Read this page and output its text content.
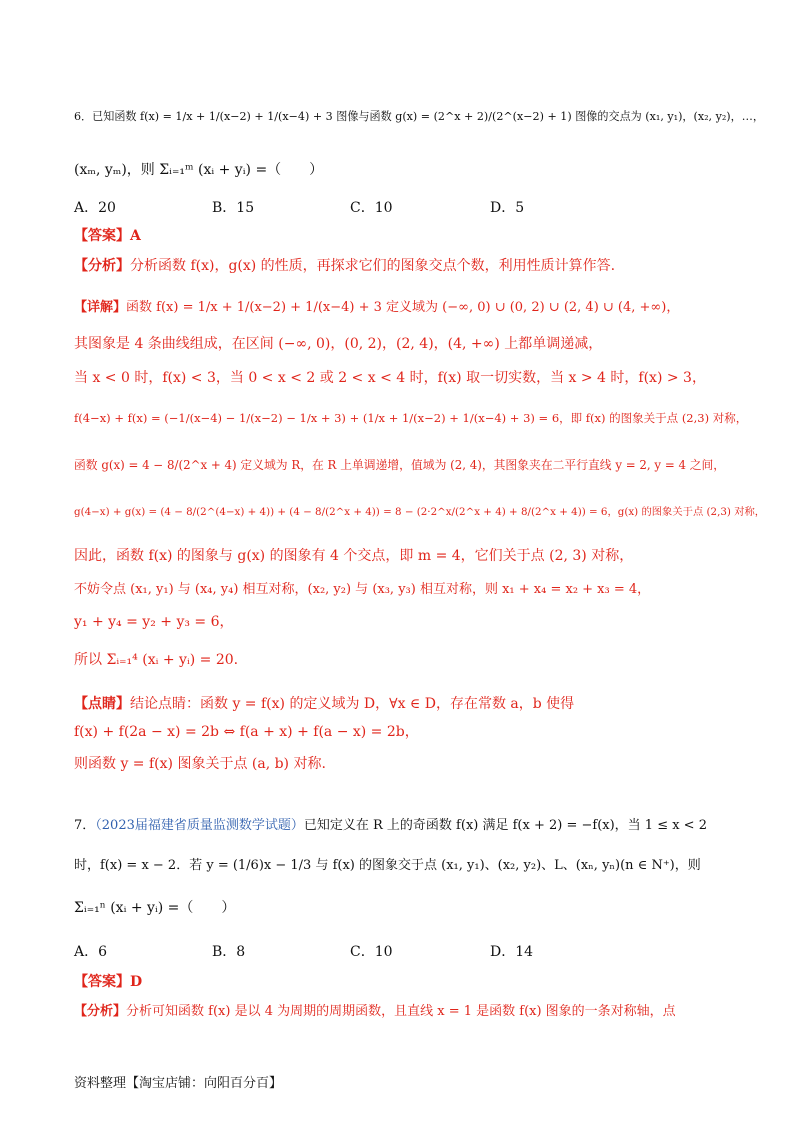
6．已知函数 f(x) = 1/x + 1/(x−2) + 1/(x−4) + 3 图像与函数 g(x) = (2^x + 2)/(2^(x−2) + 1) 图像的交点为 (x₁, y₁)，(x₂, y₂)，…，
(xₘ, yₘ)，则 Σᵢ₌₁ᵐ (xᵢ + yᵢ) =（　　）
A．20	B．15	C．10	D．5
【答案】A
【分析】分析函数 f(x)，g(x) 的性质，再探求它们的图象交点个数，利用性质计算作答.
【详解】函数 f(x) = 1/x + 1/(x−2) + 1/(x−4) + 3 定义域为 (−∞, 0) ∪ (0, 2) ∪ (2, 4) ∪ (4, +∞)，
其图象是 4 条曲线组成，在区间 (−∞, 0)，(0, 2)，(2, 4)，(4, +∞) 上都单调递减，
当 x < 0 时，f(x) < 3，当 0 < x < 2 或 2 < x < 4 时，f(x) 取一切实数，当 x > 4 时，f(x) > 3，
f(4−x) + f(x) = (−1/(x−4) − 1/(x−2) − 1/x + 3) + (1/x + 1/(x−2) + 1/(x−4) + 3) = 6，即 f(x) 的图象关于点 (2,3) 对称，
函数 g(x) = 4 − 8/(2^x + 4) 定义域为 R，在 R 上单调递增，值域为 (2, 4)，其图象夹在二平行直线 y = 2, y = 4 之间，
g(4−x) + g(x) = (4 − 8/(2^(4−x) + 4)) + (4 − 8/(2^x + 4)) = 8 − (2·2^x/(2^x + 4) + 8/(2^x + 4)) = 6，g(x) 的图象关于点 (2,3) 对称，
因此，函数 f(x) 的图象与 g(x) 的图象有 4 个交点，即 m = 4，它们关于点 (2, 3) 对称，
不妨令点 (x₁, y₁) 与 (x₄, y₄) 相互对称，(x₂, y₂) 与 (x₃, y₃) 相互对称，则 x₁ + x₄ = x₂ + x₃ = 4，
y₁ + y₄ = y₂ + y₃ = 6，
所以 Σᵢ₌₁⁴ (xᵢ + yᵢ) = 20.
【点睛】结论点睛：函数 y = f(x) 的定义域为 D，∀x ∈ D，存在常数 a，b 使得
f(x) + f(2a − x) = 2b ⇔ f(a + x) + f(a − x) = 2b，
则函数 y = f(x) 图象关于点 (a, b) 对称.
7．（2023届福建省质量监测数学试题）已知定义在 R 上的奇函数 f(x) 满足 f(x + 2) = −f(x)，当 1 ≤ x < 2
时，f(x) = x − 2．若 y = (1/6)x − 1/3 与 f(x) 的图象交于点 (x₁, y₁)、(x₂, y₂)、L、(xₙ, yₙ)(n ∈ N⁺)，则
Σᵢ₌₁ⁿ (xᵢ + yᵢ) =（　　）
A．6	B．8	C．10	D．14
【答案】D
【分析】分析可知函数 f(x) 是以 4 为周期的周期函数，且直线 x = 1 是函数 f(x) 图象的一条对称轴，点
资料整理【淘宝店铺：向阳百分百】
